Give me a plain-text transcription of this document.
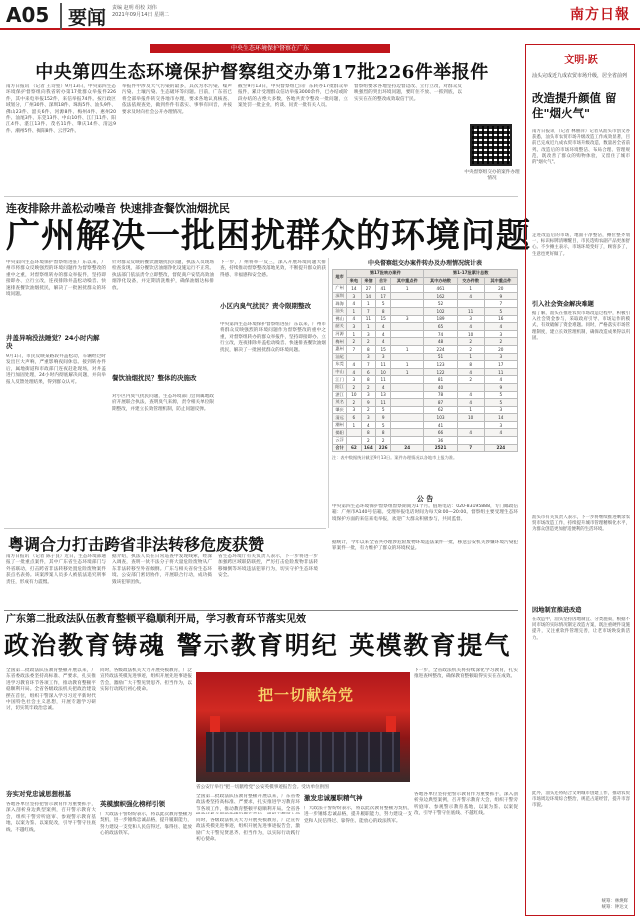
A05 要闻 责编 赵明 组校 刘伟
2021年09月14日 星期二	南方日報
中央生态环境保护督察在广东
中央第四生态环境保护督察组交办第17批226件举报件
南方日报讯 （记者 王诗堃）9月13日，中央第四生态环境保护督察组向我省转办第17批群众举报件226件，其中来电举报152件，来信举报74件。按行政区域划分，广州30件、深圳18件、珠海5件、汕头9件、佛山23件、韶关6件、河源8件、梅州4件、惠州20件、汕尾3件、东莞13件、中山10件、江门11件、阳江4件、湛江13件、茂名11件、肇庆14件、清远9件、潮州5件、揭阳8件、云浮2件。
举报件中涉及大气污染的最多，其次为水污染、噪声污染、土壤污染、生态破坏等问题。目前，广东省已将全部举报件转交各地市办理，要求各地认真核查、依法依规查处，做到件件有落实、事事有回音，并按要求及时向社会公开办理情况。
截至9月13日，中央督察组已向广东转办17批群众举报件，累计受理群众信访举报3000余件，已办结或阶段办结的占绝大多数，各地共责令整改一批问题，立案处罚一批企业，约谈、问责一批有关人员。
督察组要求各地坚持边督边改、立行立改，对群众反映强烈的突出环境问题，要盯住不放、一抓到底，以实实在在的整改成效取信于民。
中央督察组交办的案件办理情况
连夜排除井盖松动噪音 快速排查餐饮油烟扰民
广州解决一批困扰群众的环境问题
中央第四生态环境保护督察组进驻广东以来，广州市将群众反映强烈的环境问题作为督察整改的重中之重，对督察组转办的群众举报件，坚持即接即办、立行立改，连夜排除井盖松动噪音、快速排查餐饮油烟扰民，解决了一批困扰群众的环境问题。
井盖异响没法睡觉？24小时内解决
9月1日，市民反映某路段井盖松动，车辆经过时发出巨大声响，严重影响夜间休息。接到转办件后，属地街道和市政部门连夜赶赴现场，对井盖进行加固处理，24小时内彻底解决问题，并向举报人反馈处理结果，得到群众认可。
针对群众反映的餐饮油烟扰民问题，执法人员现场检查发现，部分餐饮店油烟净化设施运行不正常。执法部门依法责令立即整改，督促商户安装高效油烟净化设备，并定期清洗维护，确保油烟达标排放。
餐饮油烟扰民？整体的决施改
对小区内臭气扰民问题，生态环境部门会同属地政府开展联合执法，查明臭气来源，责令相关单位限期整改，并建立长效管理机制，防止问题反弹。
下一步，广州将举一反三，深入开展环境问题大排查，持续推动督察整改落地见效，不断提升群众的获得感、幸福感和安全感。
小区内臭气扰民？责令限期整改
中央第四生态环境保护督察组进驻广东以来，广州市将群众反映强烈的环境问题作为督察整改的重中之重，对督察组转办的群众举报件，坚持即接即办、立行立改，连夜排除井盖松动噪音、快速排查餐饮油烟扰民，解决了一批困扰群众的环境问题。
中央督察组交办案件转办及办理情况统计表
地市	第17批转办案件				第1-17批累计总数		
	来电	来信	合计	其中重点件	其中办结数	交办件数	其中重点件
广州	14	27	41	1	461	1	20
深圳	3	14	17		162	4	9
珠海	4	1	5		52		7
汕头	1	7	8		102	11	5
佛山	4	11	15	3	189	3	16
韶关	3	1	4		65	4	4
河源	1	3	4		74	10	3
梅州	2	2	4		48	2	2
惠州	7	8	15	1	224	2	20
汕尾		3	3		51	1	3
东莞	4	7	11	1	123	8	17
中山	4	6	10	1	122	4	11
江门	3	8	11		81	2	4
阳江	2	2	4		40		9
湛江	10	3	13		78	4	5
茂名	2	9	11		87	4	5
肇庆	3	2	5		62	1	3
清远	6	3	9		103	10	14
潮州	1	4	5		41		3
揭阳		8	8		66	4	4
云浮		2	2		36		
合计	62	164	226	24	2521	7	224
注：表中数据统计截至9月13日。案件办理情况以各地市上报为准。
公 告
中央第四生态环境保护督察组督察期间为1个月。值班电话：020-83195888，专门邮政信箱：广州市A140号信箱。受理举报电话时间为每天8:00—20:00。督察组主要受理生态环境保护方面的来信来电举报，欢迎广大群众积极参与，共同监督。
粤调合力打击跨省非法转移危废获赞
南方日报讯 （记者 陈子良）近日，生态环境部通报了一批重点案件，其中广东省生态环境部门与外省联动，打击跨省非法转移处置危险废物案件获点名表扬。该案涉案人员多人被依法追究刑事责任，形成有力震慑。
据介绍，执法人员在日常巡查中发现线索，经深入调查，查明一伙不法分子将大量危险废物从广东非法转移至外省倾倒。广东与相关省份生态环境、公安部门密切协作，开展联合行动，成功捣毁该犯罪团伙。
省生态环境厅有关负责人表示，下一步将进一步加强跨区域联防联控，严厉打击危险废物非法转移倾倒等环境违法犯罪行为，切实守护生态环境安全。
据统计，今年以来全省共办理涉危险废物环境违法案件一批，移送公安机关涉嫌环境污染犯罪案件一批，有力维护了群众的环境权益。
广东第二批政法队伍教育整顿平稳顺利开局，学习教育环节落实见效
政治教育铸魂 警示教育明纪 英模教育提气
全国第二批政法队伍教育整顿开展以来，广东省委政法委坚持高标准、严要求，扎实推进学习教育环节各项工作，推动教育整顿平稳顺利开局。全省各级政法机关把政治建设摆在首位，组织干警深入学习习近平新时代中国特色社会主义思想，开展专题学习研讨，切实筑牢政治忠诚。
夯实对党忠诚思想根基
各地各单位坚持把警示教育作为重要抓手，深入剖析身边典型案例，召开警示教育大会，组织干警旁听庭审、参观警示教育基地，以案为鉴、以案促改，引导干警守住底线、不越红线。
同时，各级政法机关大力开展英模教育，广泛宣传政法英模先进事迹，组织开展先进事迹报告会，激励广大干警见贤思齐、担当作为，以实际行动践行初心使命。
英模旗帜强化榜样引领
广大政法干警纷纷表示，将以此次教育整顿为契机，进一步锤炼忠诚品格，提升履职能力，努力建设一支党和人民信得过、靠得住、能放心的政法铁军。
下一步，全省政法机关将持续深化学习教育，扎实推进查纠整改，确保教育整顿取得实实在在成效。
把一切献给党
省公安厅举行"把一切献给党"公安英模事迹报告会。受访单位供图
全国第二批政法队伍教育整顿开展以来，广东省委政法委坚持高标准、严要求，扎实推进学习教育环节各项工作，推动教育整顿平稳顺利开局。全省各
激发忠诚履职精气神
同时，各级政法机关大力开展英模教育，广泛宣传政法英模先进事迹，组织开展先进事迹报告会，激励广大干警见贤思齐、担当作为，以实际行动践行初心使命。
广大政法干警纷纷表示，将以此次教育整顿为契机，进一步锤炼忠诚品格，提升履职能力，努力建设一支党和人民信得过、靠得住、能放心的政法铁军。
各地各单位坚持把警示教育作为重要抓手，深入剖析身边典型案例，召开警示教育大会，组织干警旁听庭审、参观警示教育基地，以案为鉴、以案促改，引导干警守住底线、不越红线。
文明·跃
汕头完成近九成农贸市场升级，居全省前列
改造提升颜值 留住"烟火气"
南方日报讯 （记者 林丽萍）记者从汕头市创文办获悉，汕头市农贸市场升级改造工作成效显著，目前已完成近九成农贸市场升级改造，数量居全省前列。改造后的市场环境整洁、布局合理、管理规范，既改善了群众的购物体验，又留住了城市的"烟火气"。
走进改造后的市场，地面干净整洁，摊位整齐划一，标识标牌清晰醒目，市民选购农副产品更加舒心。不少摊主表示，市场环境变好了，顾客多了，生意也更好做了。
引入社会资金解决难题
据了解，汕头在推进农贸市场改造过程中，积极引入社会资金参与，采取政府引导、市场运作的模式，有效破解了资金难题。同时，严格落实市场管理制度，建立长效管理机制，确保改造成果得以巩固。
汕头市有关负责人表示，下一步将继续推进剩余农贸市场改造工作，持续提升城市管理精细化水平，为群众创造更加舒适便利的生活环境。
因地制宜推进改造
在改造中，汕头坚持因地制宜、分类施策，根据不同市场的实际情况制定改造方案，既注重硬件设施提升，又注重软件管理完善，让老市场焕发新活力。
此外，汕头还将结合文明城市创建工作，推动农贸市场周边环境综合整治，规范占道经营，提升市容市貌。
统筹：林焕辉
统筹：钟达文
